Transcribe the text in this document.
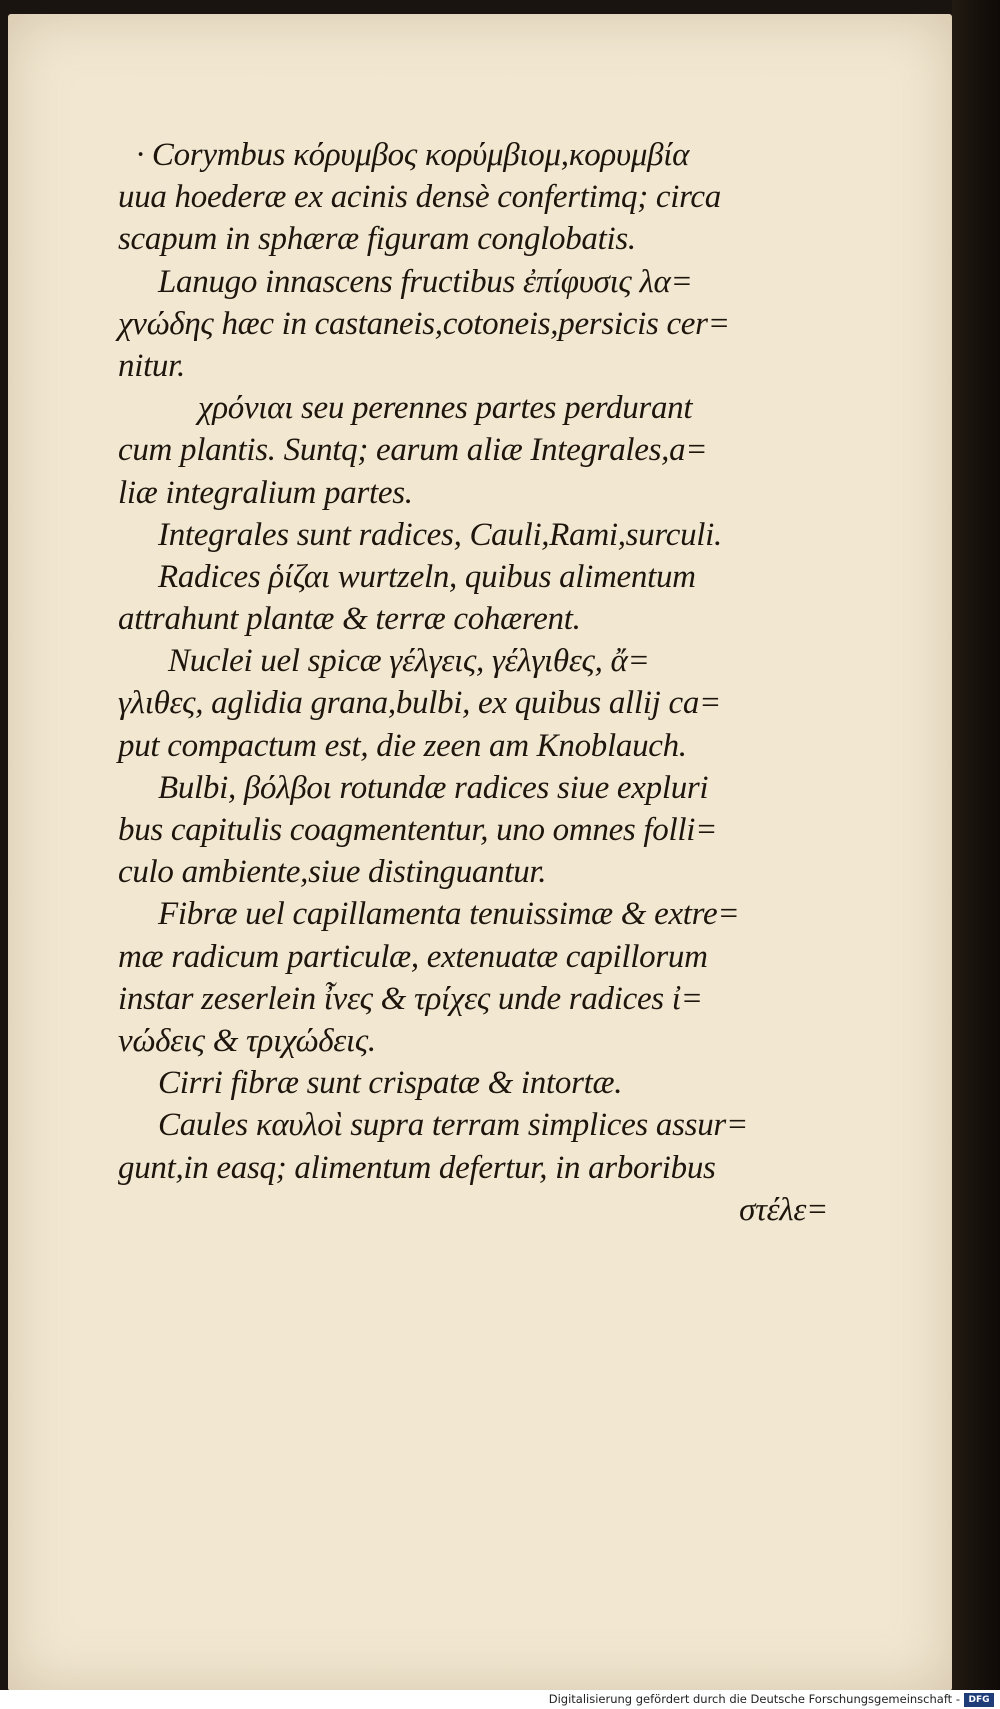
· Corymbus κόρυμβος κορύμβιομ,κορυμβία
uua hoederæ ex acinis densè confertimq; circa
scapum in sphæræ figuram conglobatis.
Lanugo innascens fructibus ἐπίφυσις λα=
χνώδης hæc in castaneis,cotoneis,persicis cer=
nitur.
χρόνιαι seu perennes partes perdurant
cum plantis. Suntq; earum aliæ Integrales,a=
liæ integralium partes.
Integrales sunt radices, Cauli,Rami,surculi.
Radices ῥίζαι wurtzeln, quibus alimentum
attrahunt plantæ & terræ cohærent.
Nuclei uel spicæ γέλγεις, γέλγιθες, ἄ=
γλιθες, aglidia grana,bulbi, ex quibus allij ca=
put compactum est, die zeen am Knoblauch.
Bulbi, βόλβοι rotundæ radices siue expluri
bus capitulis coagmententur, uno omnes folli=
culo ambiente,siue distinguantur.
Fibræ uel capillamenta tenuissimæ & extre=
mæ radicum particulæ, extenuatæ capillorum
instar zeserlein ἶνες & τρίχες unde radices ἰ=
νώδεις & τριχώδεις.
Cirri fibræ sunt crispatæ & intortæ.
Caules καυλοὶ supra terram simplices assur=
gunt,in easq; alimentum defertur, in arboribus
στέλε=
Digitalisierung gefördert durch die Deutsche Forschungsgemeinschaft - DFG
